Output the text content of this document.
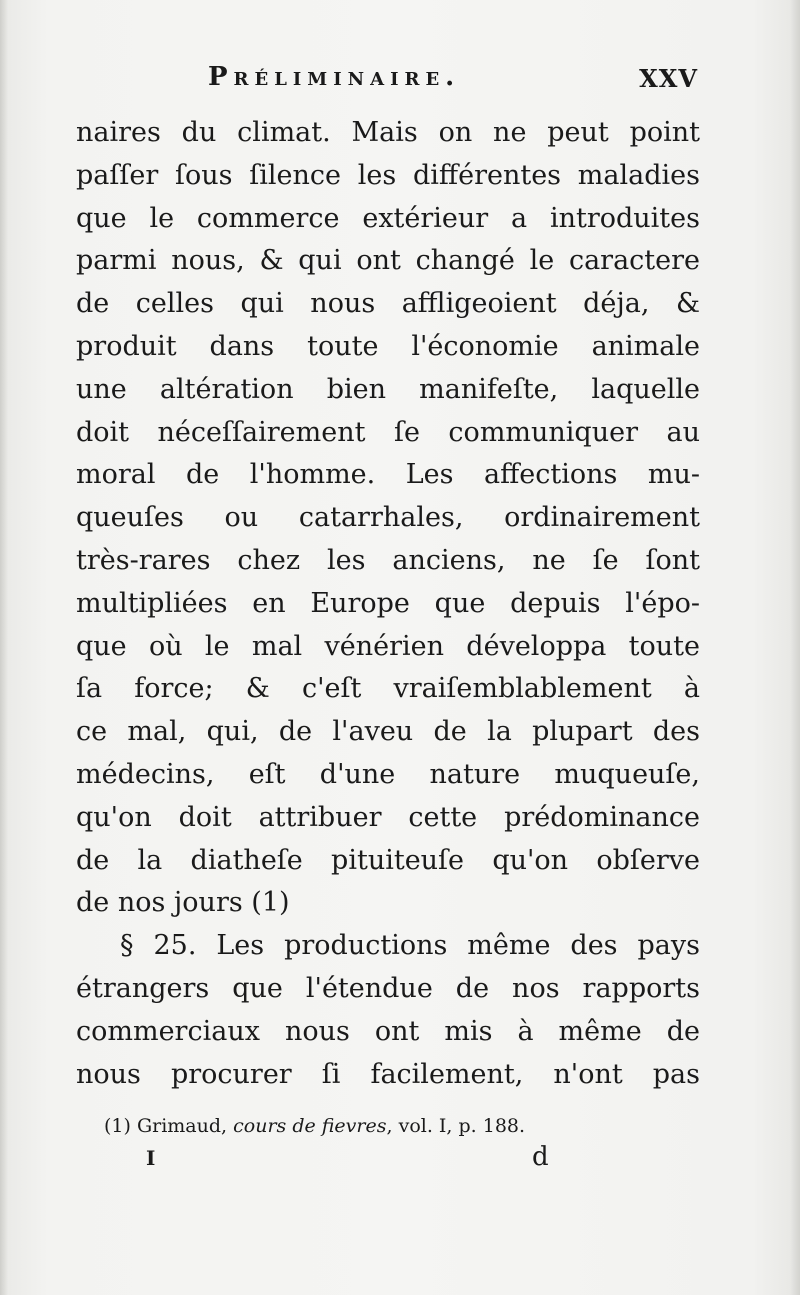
Préliminaire.	XXV
naires du climat. Mais on ne peut point
paſſer ſous ſilence les différentes maladies
que le commerce extérieur a introduites
parmi nous, & qui ont changé le caractere
de celles qui nous affligeoient déja, &
produit dans toute l'économie animale
une altération bien manifeſte, laquelle
doit néceſſairement ſe communiquer au
moral de l'homme. Les affections mu-
queuſes ou catarrhales, ordinairement
très-rares chez les anciens, ne ſe ſont
multipliées en Europe que depuis l'épo-
que où le mal vénérien développa toute
ſa force; & c'eſt vraiſemblablement à
ce mal, qui, de l'aveu de la plupart des
médecins, eſt d'une nature muqueuſe,
qu'on doit attribuer cette prédominance
de la diatheſe pituiteuſe qu'on obſerve
de nos jours (1)
§ 25. Les productions même des pays
étrangers que l'étendue de nos rapports
commerciaux nous ont mis à même de
nous procurer ſi facilement, n'ont pas
(1) Grimaud, cours de fievres, vol. I, p. 188.
I	d
